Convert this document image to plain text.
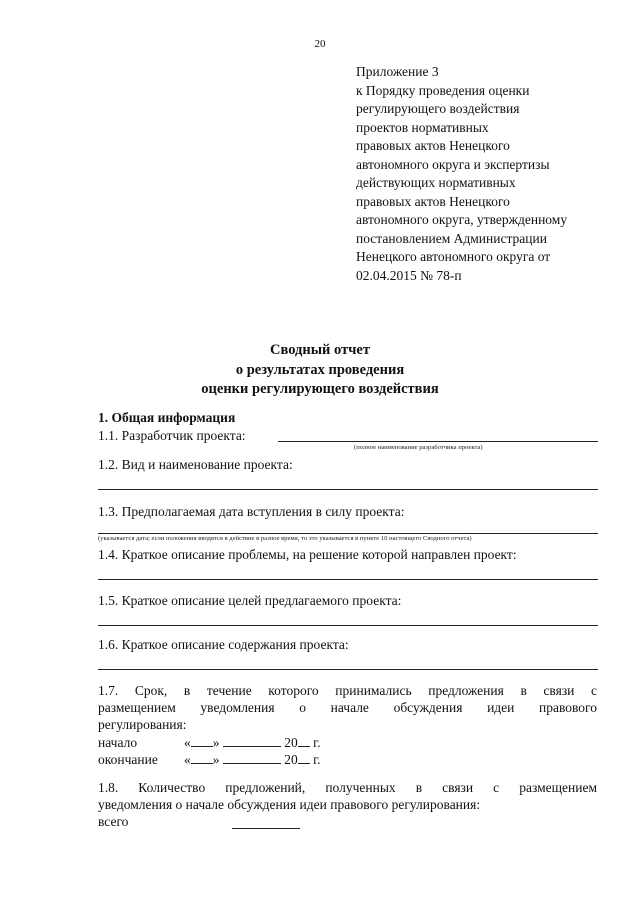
20
Приложение 3
к Порядку проведения оценки
регулирующего воздействия
проектов нормативных
правовых актов Ненецкого
автономного округа и экспертизы
действующих нормативных
правовых актов Ненецкого
автономного округа, утвержденному
постановлением Администрации
Ненецкого автономного округа от
02.04.2015 № 78-п
Сводный отчет
о результатах проведения
оценки регулирующего воздействия
1. Общая информация
1.1. Разработчик проекта:
(полное наименование разработчика проекта)
1.2. Вид и наименование проекта:
1.3. Предполагаемая дата вступления в силу проекта:
(указывается дата; если положения вводятся в действие в разное время, то это указывается в пункте 10 настоящего Сводного отчета)
1.4. Краткое описание проблемы, на решение которой направлен проект:
1.5. Краткое описание целей предлагаемого проекта:
1.6. Краткое описание содержания проекта:
1.7. Срок, в течение которого принимались предложения в связи с
размещением уведомления о начале обсуждения идеи правового
регулирования:
начало	« »	20 г.
окончание « »	20 г.
1.8. Количество предложений, полученных в связи с размещением
уведомления о начале обсуждения идеи правового регулирования:
всего
